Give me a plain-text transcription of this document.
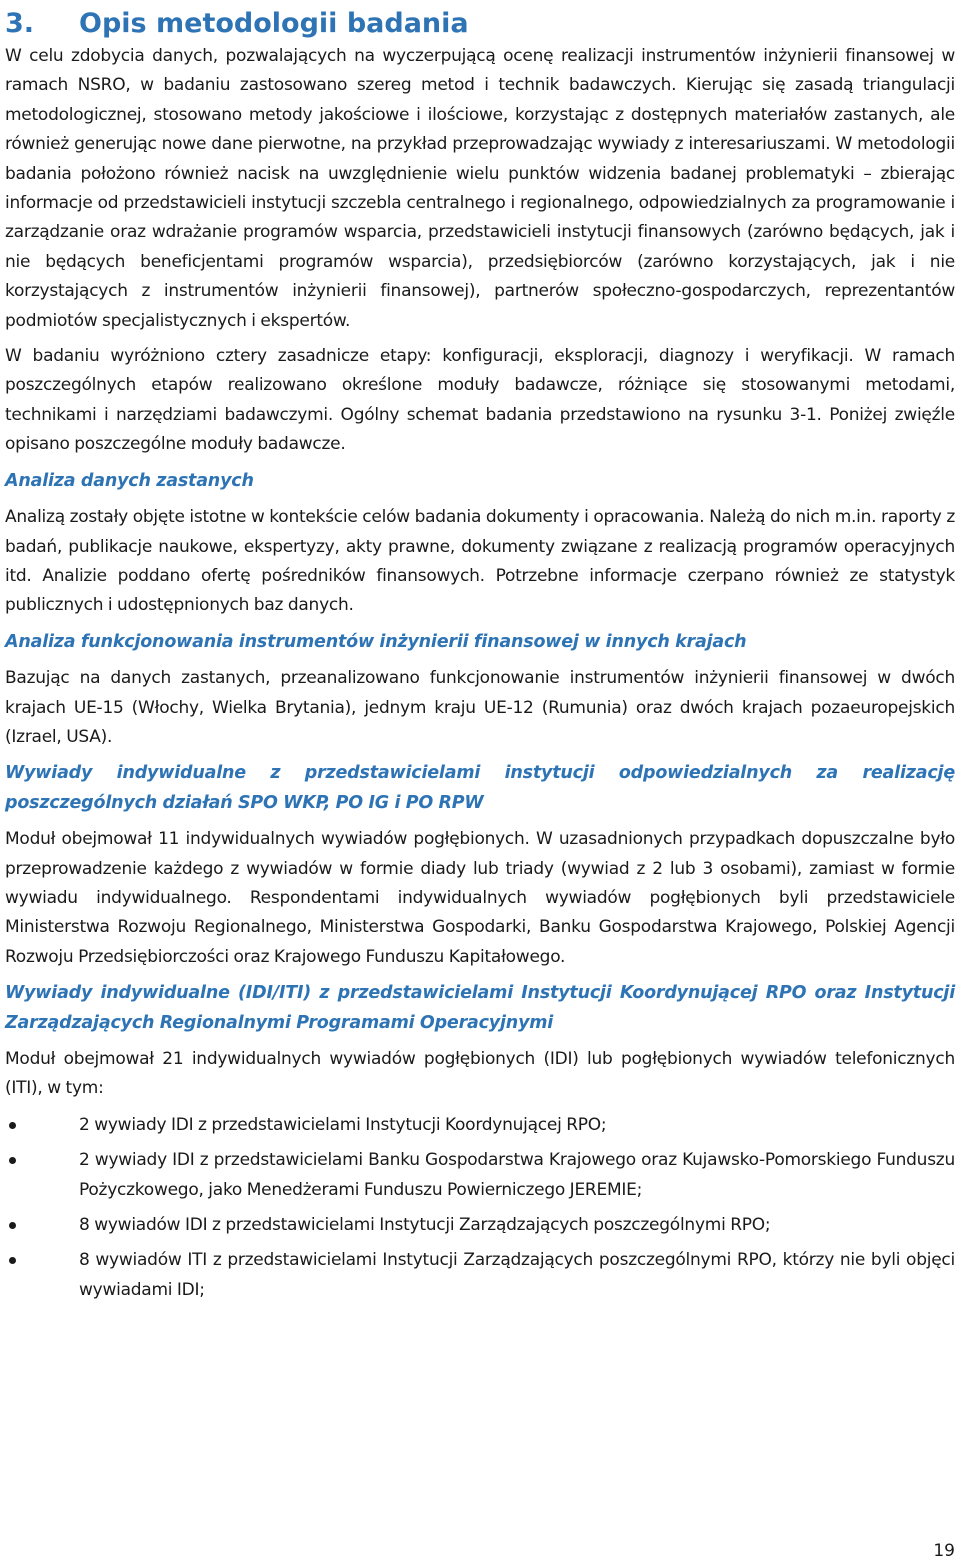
3.	Opis metodologii badania

W celu zdobycia danych, pozwalających na wyczerpującą ocenę realizacji instrumentów inżynierii finansowej w ramach NSRO, w badaniu zastosowano szereg metod i technik badawczych. Kierując się zasadą triangulacji metodologicznej, stosowano metody jakościowe i ilościowe, korzystając z dostępnych materiałów zastanych, ale również generując nowe dane pierwotne, na przykład przeprowadzając wywiady z interesariuszami. W metodologii badania położono również nacisk na uwzględnienie wielu punktów widzenia badanej problematyki – zbierając informacje od przedstawicieli instytucji szczebla centralnego i regionalnego, odpowiedzialnych za programowanie i zarządzanie oraz wdrażanie programów wsparcia, przedstawicieli instytucji finansowych (zarówno będących, jak i nie będących beneficjentami programów wsparcia), przedsiębiorców (zarówno korzystających, jak i nie korzystających z instrumentów inżynierii finansowej), partnerów społeczno-gospodarczych, reprezentantów podmiotów specjalistycznych i ekspertów.

W badaniu wyróżniono cztery zasadnicze etapy: konfiguracji, eksploracji, diagnozy i weryfikacji. W ramach poszczególnych etapów realizowano określone moduły badawcze, różniące się stosowanymi metodami, technikami i narzędziami badawczymi. Ogólny schemat badania przedstawiono na rysunku 3-1. Poniżej zwięźle opisano poszczególne moduły badawcze.

Analiza danych zastanych

Analizą zostały objęte istotne w kontekście celów badania dokumenty i opracowania. Należą do nich m.in. raporty z badań, publikacje naukowe, ekspertyzy, akty prawne, dokumenty związane z realizacją programów operacyjnych itd. Analizie poddano ofertę pośredników finansowych. Potrzebne informacje czerpano również ze statystyk publicznych i udostępnionych baz danych.

Analiza funkcjonowania instrumentów inżynierii finansowej w innych krajach

Bazując na danych zastanych, przeanalizowano funkcjonowanie instrumentów inżynierii finansowej w dwóch krajach UE-15 (Włochy, Wielka Brytania), jednym kraju UE-12 (Rumunia) oraz dwóch krajach pozaeuropejskich (Izrael, USA).

Wywiady indywidualne z przedstawicielami instytucji odpowiedzialnych za realizację poszczególnych działań SPO WKP, PO IG i PO RPW

Moduł obejmował 11 indywidualnych wywiadów pogłębionych. W uzasadnionych przypadkach dopuszczalne było przeprowadzenie każdego z wywiadów w formie diady lub triady (wywiad z 2 lub 3 osobami), zamiast w formie wywiadu indywidualnego. Respondentami indywidualnych wywiadów pogłębionych byli przedstawiciele Ministerstwa Rozwoju Regionalnego, Ministerstwa Gospodarki, Banku Gospodarstwa Krajowego, Polskiej Agencji Rozwoju Przedsiębiorczości oraz Krajowego Funduszu Kapitałowego.

Wywiady indywidualne (IDI/ITI) z przedstawicielami Instytucji Koordynującej RPO oraz Instytucji Zarządzających Regionalnymi Programami Operacyjnymi

Moduł obejmował 21 indywidualnych wywiadów pogłębionych (IDI) lub pogłębionych wywiadów telefonicznych (ITI), w tym:

2 wywiady IDI z przedstawicielami Instytucji Koordynującej RPO;
2 wywiady IDI z przedstawicielami Banku Gospodarstwa Krajowego oraz Kujawsko-Pomorskiego Funduszu Pożyczkowego, jako Menedżerami Funduszu Powierniczego JEREMIE;
8 wywiadów IDI z przedstawicielami Instytucji Zarządzających poszczególnymi RPO;
8 wywiadów ITI z przedstawicielami Instytucji Zarządzających poszczególnymi RPO, którzy nie byli objęci wywiadami IDI;
19
